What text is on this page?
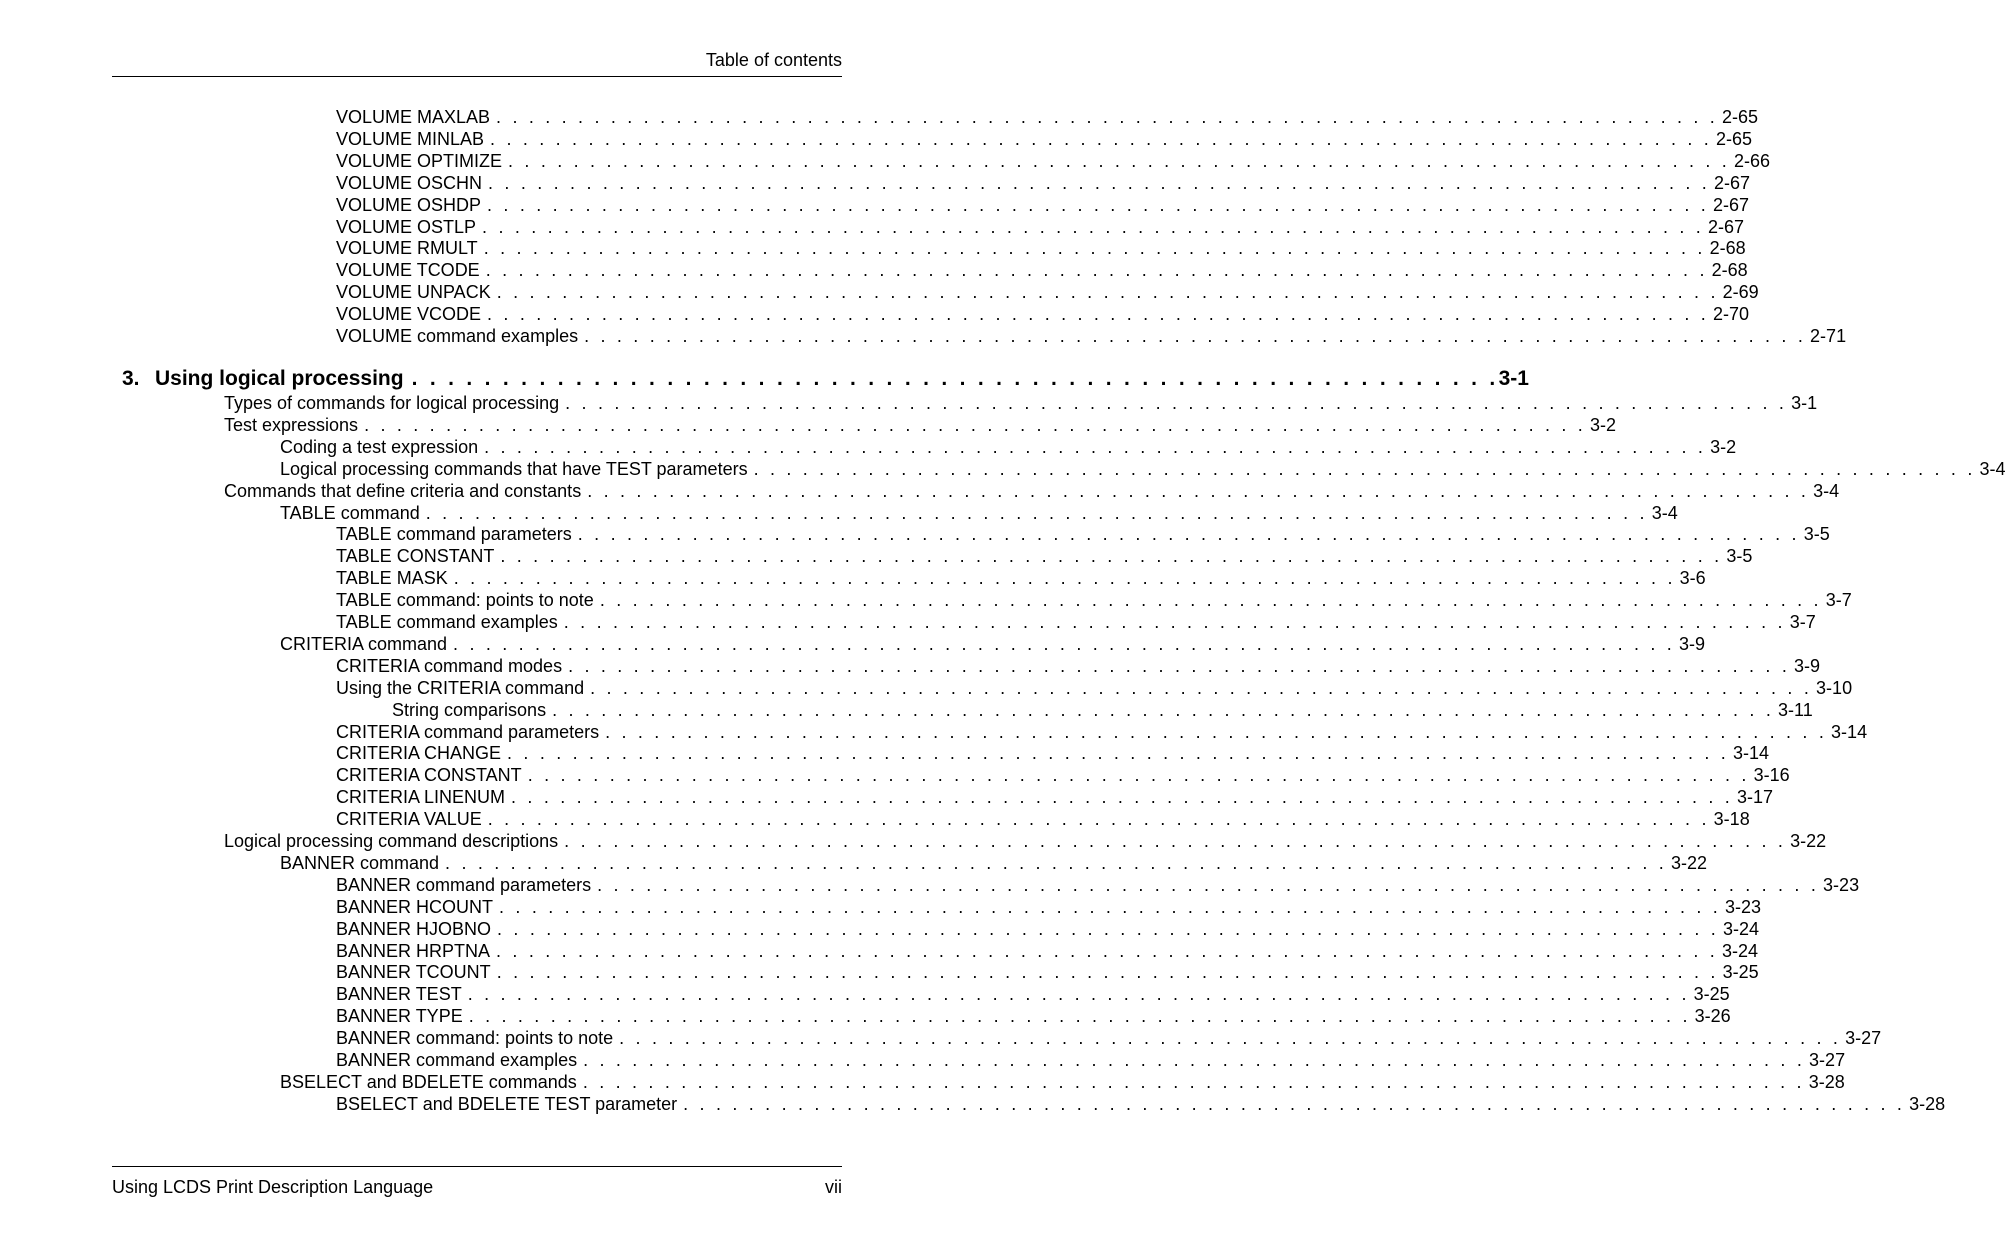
Table of contents
VOLUME MAXLAB . . . . . . . . . . . . . . . . . . . . . . . . . . . . . . . . . . . . . . . . . . . . . . . . . . . . . . . . . . . . . . . . . . . . . . . . . . . 2-65
VOLUME MINLAB . . . . . . . . . . . . . . . . . . . . . . . . . . . . . . . . . . . . . . . . . . . . . . . . . . . . . . . . . . . . . . . . . . . . . . . . . . . 2-65
VOLUME OPTIMIZE . . . . . . . . . . . . . . . . . . . . . . . . . . . . . . . . . . . . . . . . . . . . . . . . . . . . . . . . . . . . . . . . . . . . . . . . . . . 2-66
VOLUME OSCHN . . . . . . . . . . . . . . . . . . . . . . . . . . . . . . . . . . . . . . . . . . . . . . . . . . . . . . . . . . . . . . . . . . . . . . . . . . . 2-67
VOLUME OSHDP . . . . . . . . . . . . . . . . . . . . . . . . . . . . . . . . . . . . . . . . . . . . . . . . . . . . . . . . . . . . . . . . . . . . . . . . . . . 2-67
VOLUME OSTLP . . . . . . . . . . . . . . . . . . . . . . . . . . . . . . . . . . . . . . . . . . . . . . . . . . . . . . . . . . . . . . . . . . . . . . . . . . . 2-67
VOLUME RMULT . . . . . . . . . . . . . . . . . . . . . . . . . . . . . . . . . . . . . . . . . . . . . . . . . . . . . . . . . . . . . . . . . . . . . . . . . . . 2-68
VOLUME TCODE . . . . . . . . . . . . . . . . . . . . . . . . . . . . . . . . . . . . . . . . . . . . . . . . . . . . . . . . . . . . . . . . . . . . . . . . . . . 2-68
VOLUME UNPACK . . . . . . . . . . . . . . . . . . . . . . . . . . . . . . . . . . . . . . . . . . . . . . . . . . . . . . . . . . . . . . . . . . . . . . . . . . . 2-69
VOLUME VCODE . . . . . . . . . . . . . . . . . . . . . . . . . . . . . . . . . . . . . . . . . . . . . . . . . . . . . . . . . . . . . . . . . . . . . . . . . . . 2-70
VOLUME command examples . . . . . . . . . . . . . . . . . . . . . . . . . . . . . . . . . . . . . . . . . . . . . . . . . . . . . . . . . . . . . . . . . . . . . . . . . . . 2-71
3. Using logical processing . . . . . . . . . . . . . . . . . . . . . . . . . . . . . . . . . . . . . . . . . . . . . . . . . . . . . . . . . . . . 3-1
Types of commands for logical processing . . . . . . . . . . . . . . . . . . . . . . . . . . . . . . . . . . . . . . . . . . . . . . . . . . . . . . . . . . . . . . . . . . . . . . . . . . . 3-1
Test expressions . . . . . . . . . . . . . . . . . . . . . . . . . . . . . . . . . . . . . . . . . . . . . . . . . . . . . . . . . . . . . . . . . . . . . . . . . . . 3-2
Coding a test expression . . . . . . . . . . . . . . . . . . . . . . . . . . . . . . . . . . . . . . . . . . . . . . . . . . . . . . . . . . . . . . . . . . . . . . . . . . . 3-2
Logical processing commands that have TEST parameters . . . . . . . . . . . . . . . . . . . . . . . . . . . . . . . . . . . . . . . . . . . . . . . . . . . . . . . . . . . . . . . . . . . . . . . . . . . 3-4
Commands that define criteria and constants . . . . . . . . . . . . . . . . . . . . . . . . . . . . . . . . . . . . . . . . . . . . . . . . . . . . . . . . . . . . . . . . . . . . . . . . . . . 3-4
TABLE command . . . . . . . . . . . . . . . . . . . . . . . . . . . . . . . . . . . . . . . . . . . . . . . . . . . . . . . . . . . . . . . . . . . . . . . . . . . 3-4
TABLE command parameters . . . . . . . . . . . . . . . . . . . . . . . . . . . . . . . . . . . . . . . . . . . . . . . . . . . . . . . . . . . . . . . . . . . . . . . . . . . 3-5
TABLE CONSTANT . . . . . . . . . . . . . . . . . . . . . . . . . . . . . . . . . . . . . . . . . . . . . . . . . . . . . . . . . . . . . . . . . . . . . . . . . . . 3-5
TABLE MASK . . . . . . . . . . . . . . . . . . . . . . . . . . . . . . . . . . . . . . . . . . . . . . . . . . . . . . . . . . . . . . . . . . . . . . . . . . . 3-6
TABLE command: points to note . . . . . . . . . . . . . . . . . . . . . . . . . . . . . . . . . . . . . . . . . . . . . . . . . . . . . . . . . . . . . . . . . . . . . . . . . . . 3-7
TABLE command examples . . . . . . . . . . . . . . . . . . . . . . . . . . . . . . . . . . . . . . . . . . . . . . . . . . . . . . . . . . . . . . . . . . . . . . . . . . . 3-7
CRITERIA command . . . . . . . . . . . . . . . . . . . . . . . . . . . . . . . . . . . . . . . . . . . . . . . . . . . . . . . . . . . . . . . . . . . . . . . . . . . 3-9
CRITERIA command modes . . . . . . . . . . . . . . . . . . . . . . . . . . . . . . . . . . . . . . . . . . . . . . . . . . . . . . . . . . . . . . . . . . . . . . . . . . . 3-9
Using the CRITERIA command . . . . . . . . . . . . . . . . . . . . . . . . . . . . . . . . . . . . . . . . . . . . . . . . . . . . . . . . . . . . . . . . . . . . . . . . . . . 3-10
String comparisons . . . . . . . . . . . . . . . . . . . . . . . . . . . . . . . . . . . . . . . . . . . . . . . . . . . . . . . . . . . . . . . . . . . . . . . . . . . 3-11
CRITERIA command parameters . . . . . . . . . . . . . . . . . . . . . . . . . . . . . . . . . . . . . . . . . . . . . . . . . . . . . . . . . . . . . . . . . . . . . . . . . . . 3-14
CRITERIA CHANGE . . . . . . . . . . . . . . . . . . . . . . . . . . . . . . . . . . . . . . . . . . . . . . . . . . . . . . . . . . . . . . . . . . . . . . . . . . . 3-14
CRITERIA CONSTANT . . . . . . . . . . . . . . . . . . . . . . . . . . . . . . . . . . . . . . . . . . . . . . . . . . . . . . . . . . . . . . . . . . . . . . . . . . . 3-16
CRITERIA LINENUM . . . . . . . . . . . . . . . . . . . . . . . . . . . . . . . . . . . . . . . . . . . . . . . . . . . . . . . . . . . . . . . . . . . . . . . . . . . 3-17
CRITERIA VALUE . . . . . . . . . . . . . . . . . . . . . . . . . . . . . . . . . . . . . . . . . . . . . . . . . . . . . . . . . . . . . . . . . . . . . . . . . . . 3-18
Logical processing command descriptions . . . . . . . . . . . . . . . . . . . . . . . . . . . . . . . . . . . . . . . . . . . . . . . . . . . . . . . . . . . . . . . . . . . . . . . . . . . 3-22
BANNER command . . . . . . . . . . . . . . . . . . . . . . . . . . . . . . . . . . . . . . . . . . . . . . . . . . . . . . . . . . . . . . . . . . . . . . . . . . . 3-22
BANNER command parameters . . . . . . . . . . . . . . . . . . . . . . . . . . . . . . . . . . . . . . . . . . . . . . . . . . . . . . . . . . . . . . . . . . . . . . . . . . . 3-23
BANNER HCOUNT . . . . . . . . . . . . . . . . . . . . . . . . . . . . . . . . . . . . . . . . . . . . . . . . . . . . . . . . . . . . . . . . . . . . . . . . . . . 3-23
BANNER HJOBNO . . . . . . . . . . . . . . . . . . . . . . . . . . . . . . . . . . . . . . . . . . . . . . . . . . . . . . . . . . . . . . . . . . . . . . . . . . . 3-24
BANNER HRPTNA . . . . . . . . . . . . . . . . . . . . . . . . . . . . . . . . . . . . . . . . . . . . . . . . . . . . . . . . . . . . . . . . . . . . . . . . . . . 3-24
BANNER TCOUNT . . . . . . . . . . . . . . . . . . . . . . . . . . . . . . . . . . . . . . . . . . . . . . . . . . . . . . . . . . . . . . . . . . . . . . . . . . . 3-25
BANNER TEST . . . . . . . . . . . . . . . . . . . . . . . . . . . . . . . . . . . . . . . . . . . . . . . . . . . . . . . . . . . . . . . . . . . . . . . . . . . 3-25
BANNER TYPE . . . . . . . . . . . . . . . . . . . . . . . . . . . . . . . . . . . . . . . . . . . . . . . . . . . . . . . . . . . . . . . . . . . . . . . . . . . 3-26
BANNER command: points to note . . . . . . . . . . . . . . . . . . . . . . . . . . . . . . . . . . . . . . . . . . . . . . . . . . . . . . . . . . . . . . . . . . . . . . . . . . . 3-27
BANNER command examples . . . . . . . . . . . . . . . . . . . . . . . . . . . . . . . . . . . . . . . . . . . . . . . . . . . . . . . . . . . . . . . . . . . . . . . . . . . 3-27
BSELECT and BDELETE commands . . . . . . . . . . . . . . . . . . . . . . . . . . . . . . . . . . . . . . . . . . . . . . . . . . . . . . . . . . . . . . . . . . . . . . . . . . . 3-28
BSELECT and BDELETE TEST parameter . . . . . . . . . . . . . . . . . . . . . . . . . . . . . . . . . . . . . . . . . . . . . . . . . . . . . . . . . . . . . . . . . . . . . . . . . . . 3-28
Using LCDS Print Description Language	vii
